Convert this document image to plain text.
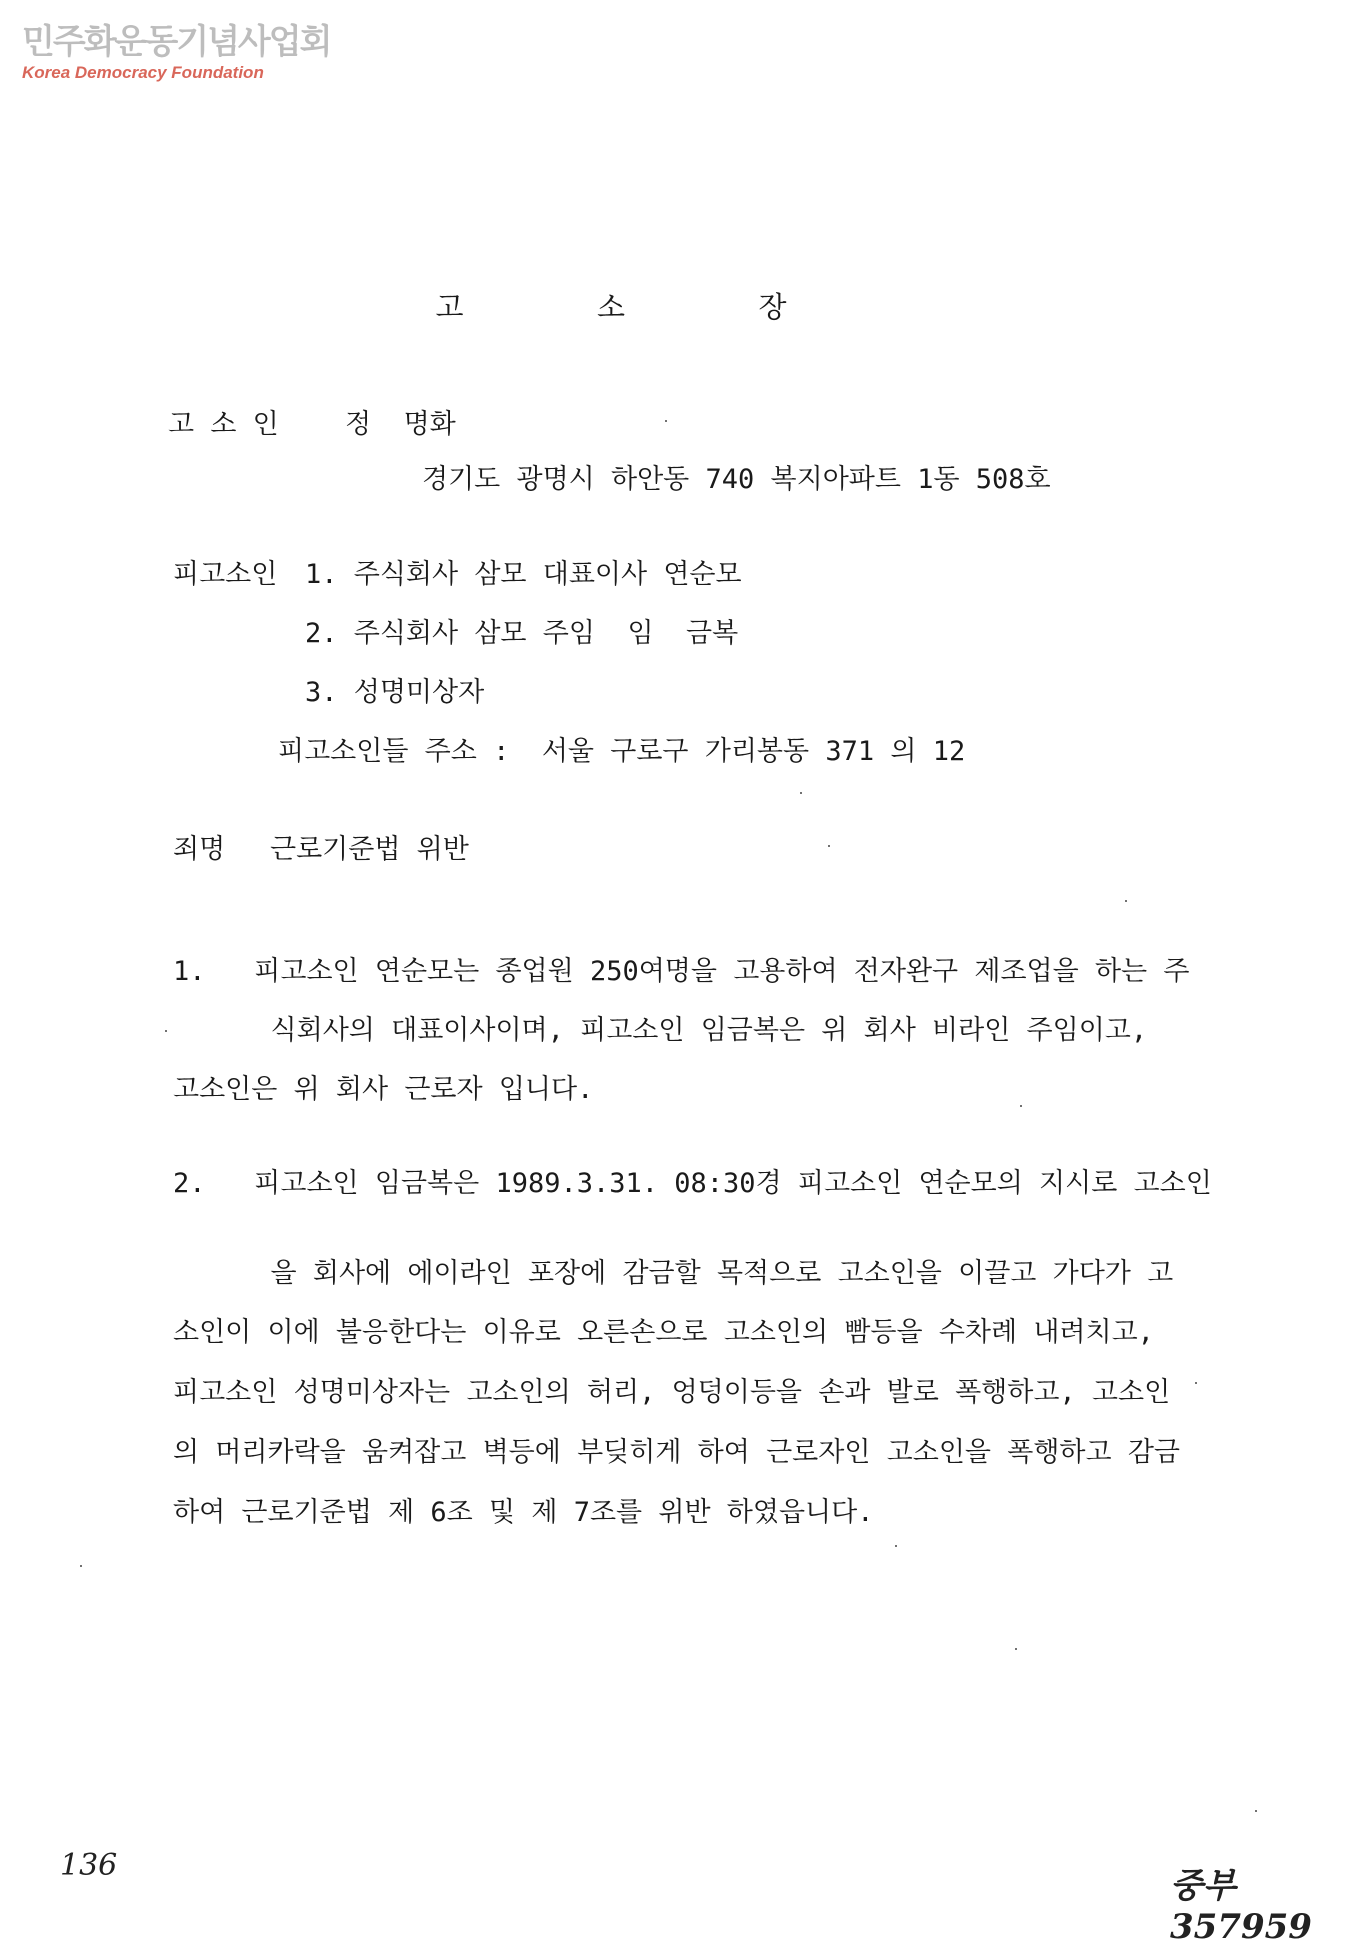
민주화운동기념사업회
Korea Democracy Foundation
고 소 장
고 소 인 정  명화
경기도 광명시 하안동 740 복지아파트 1동 508호
피고소인 1. 주식회사 삼모 대표이사 연순모
2. 주식회사 삼모 주임  임  금복
3. 성명미상자
피고소인들 주소 :  서울 구로구 가리봉동 371 의 12
죄명 근로기준법 위반
1.   피고소인 연순모는 종업원 250여명을 고용하여 전자완구 제조업을 하는 주
식회사의 대표이사이며, 피고소인 임금복은 위 회사 비라인 주임이고,
고소인은 위 회사 근로자 입니다.
2.   피고소인 임금복은 1989.3.31. 08:30경 피고소인 연순모의 지시로 고소인
을 회사에 에이라인 포장에 감금할 목적으로 고소인을 이끌고 가다가 고
소인이 이에 불응한다는 이유로 오른손으로 고소인의 빰등을 수차례 내려치고,
피고소인 성명미상자는 고소인의 허리, 엉덩이등을 손과 발로 폭행하고, 고소인
의 머리카락을 움켜잡고 벽등에 부딪히게 하여 근로자인 고소인을 폭행하고 감금
하여 근로기준법 제 6조 및 제 7조를 위반 하였읍니다.
136
중부 357959
